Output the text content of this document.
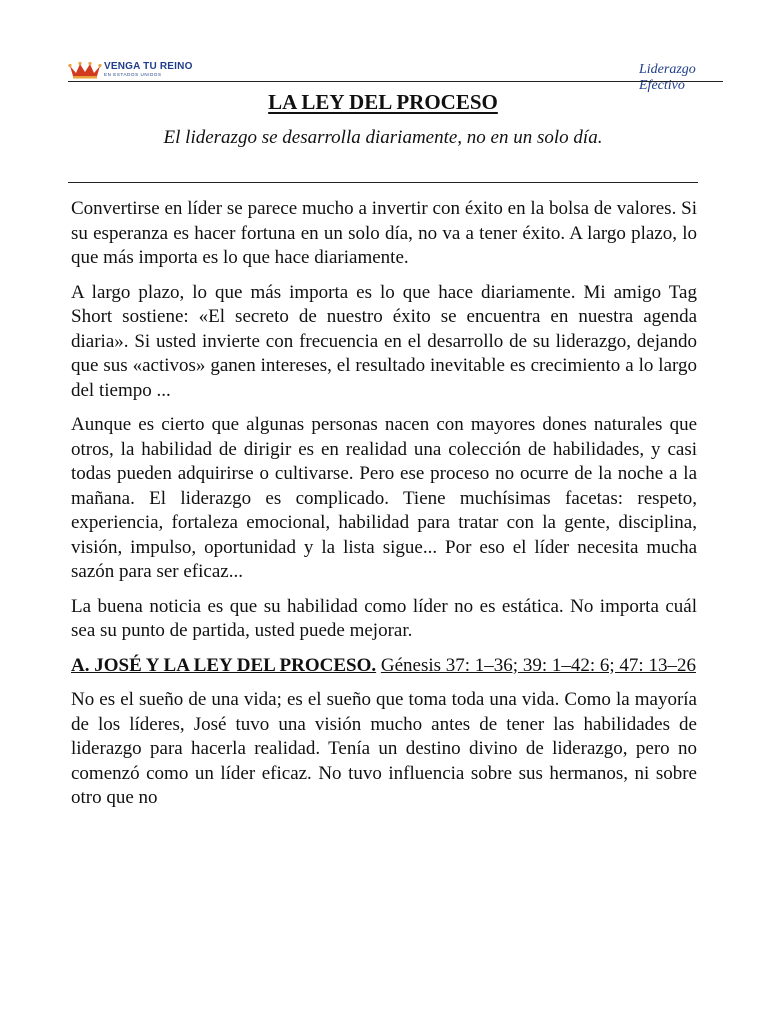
VENGA TU REINO
EN ESTADOS UNIDOS	Liderazgo Efectivo
LA LEY DEL PROCESO
El liderazgo se desarrolla diariamente, no en un solo día.

Convertirse en líder se parece mucho a invertir con éxito en la bolsa de valores. Si su esperanza es hacer fortuna en un solo día, no va a tener éxito. A largo plazo, lo que más importa es lo que hace diariamente.

A largo plazo, lo que más importa es lo que hace diariamente. Mi amigo Tag Short sostiene: «El secreto de nuestro éxito se encuentra en nuestra agenda diaria». Si usted invierte con frecuencia en el desarrollo de su liderazgo, dejando que sus «activos» ganen intereses, el resultado inevitable es crecimiento a lo largo del tiempo ...

Aunque es cierto que algunas personas nacen con mayores dones naturales que otros, la habilidad de dirigir es en realidad una colección de habilidades, y casi todas pueden adquirirse o cultivarse. Pero ese proceso no ocurre de la noche a la mañana. El liderazgo es complicado. Tiene muchísimas facetas: respeto, experiencia, fortaleza emocional, habilidad para tratar con la gente, disciplina, visión, impulso, oportunidad y la lista sigue... Por eso el líder necesita mucha sazón para ser eficaz...

La buena noticia es que su habilidad como líder no es estática. No importa cuál sea su punto de partida, usted puede mejorar.

A. JOSÉ Y LA LEY DEL PROCESO. Génesis 37: 1–36; 39: 1–42: 6; 47: 13–26

No es el sueño de una vida; es el sueño que toma toda una vida. Como la mayoría de los líderes, José tuvo una visión mucho antes de tener las habilidades de liderazgo para hacerla realidad. Tenía un destino divino de liderazgo, pero no comenzó como un líder eficaz. No tuvo influencia sobre sus hermanos, ni sobre otro que no
